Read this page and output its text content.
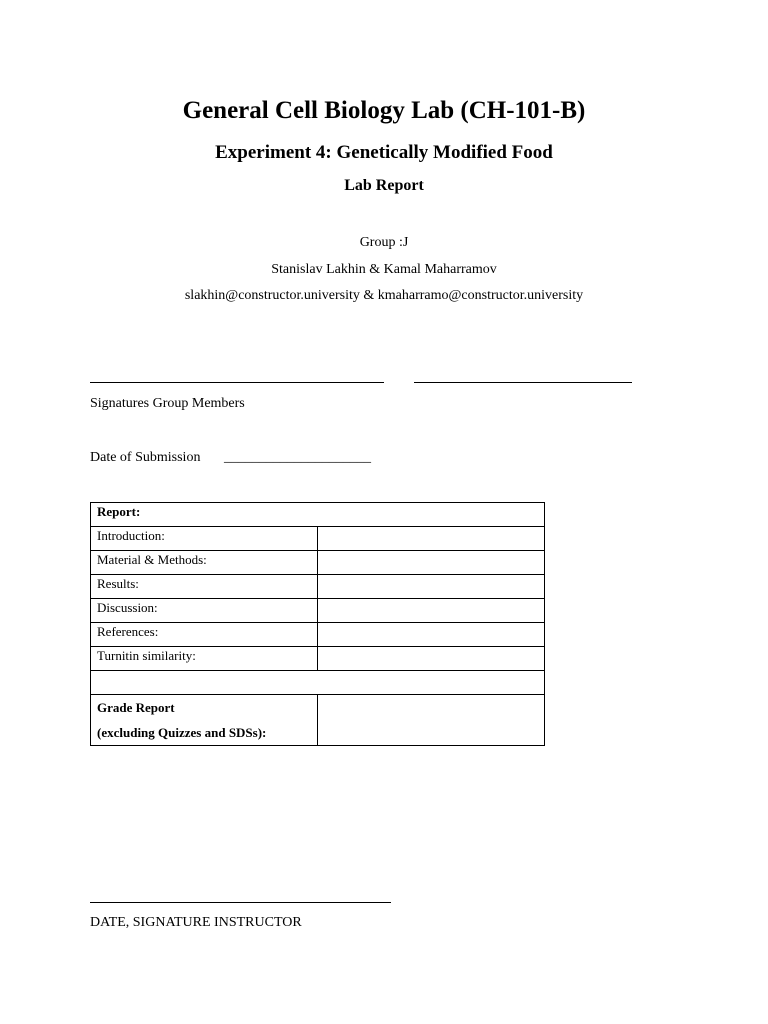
General Cell Biology Lab (CH-101-B)
Experiment 4: Genetically Modified Food
Lab Report
Group :J
Stanislav Lakhin & Kamal Maharramov
slakhin@constructor.university & kmaharramo@constructor.university
Signatures Group Members
Date of Submission _____________________
Report:	
Introduction:	
Material & Methods:	
Results:	
Discussion:	
References:	
Turnitin similarity:	

Grade Report
(excluding Quizzes and SDSs):	

DATE, SIGNATURE INSTRUCTOR
